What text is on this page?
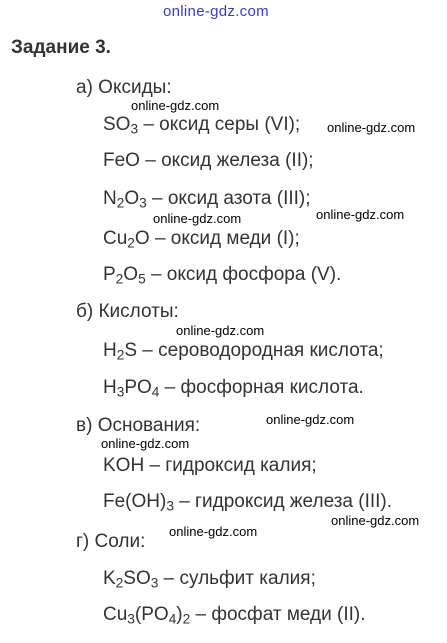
online-gdz.com
Задание 3.
а) Оксиды:
$SO_3$ – оксид серы (VI);
FeO – оксид железа (II);
$N_2O_3$ – оксид азота (III);
$Cu_2O$ – оксид меди (I);
$P_2O_5$ – оксид фосфора (V).
б) Кислоты:
$H_2S$ – сероводородная кислота;
$H_3PO_4$ – фосфорная кислота.
в) Основания:
KOH – гидроксид калия;
$Fe(OH)_3$ – гидроксид железа (III).
г) Соли:
$K_2SO_3$ – сульфит калия;
$Cu_3(PO_4)_2$ – фосфат меди (II).
online-gdz.com
online-gdz.com
online-gdz.com	online-gdz.com
online-gdz.com
online-gdz.com
online-gdz.com
online-gdz.com
online-gdz.com
